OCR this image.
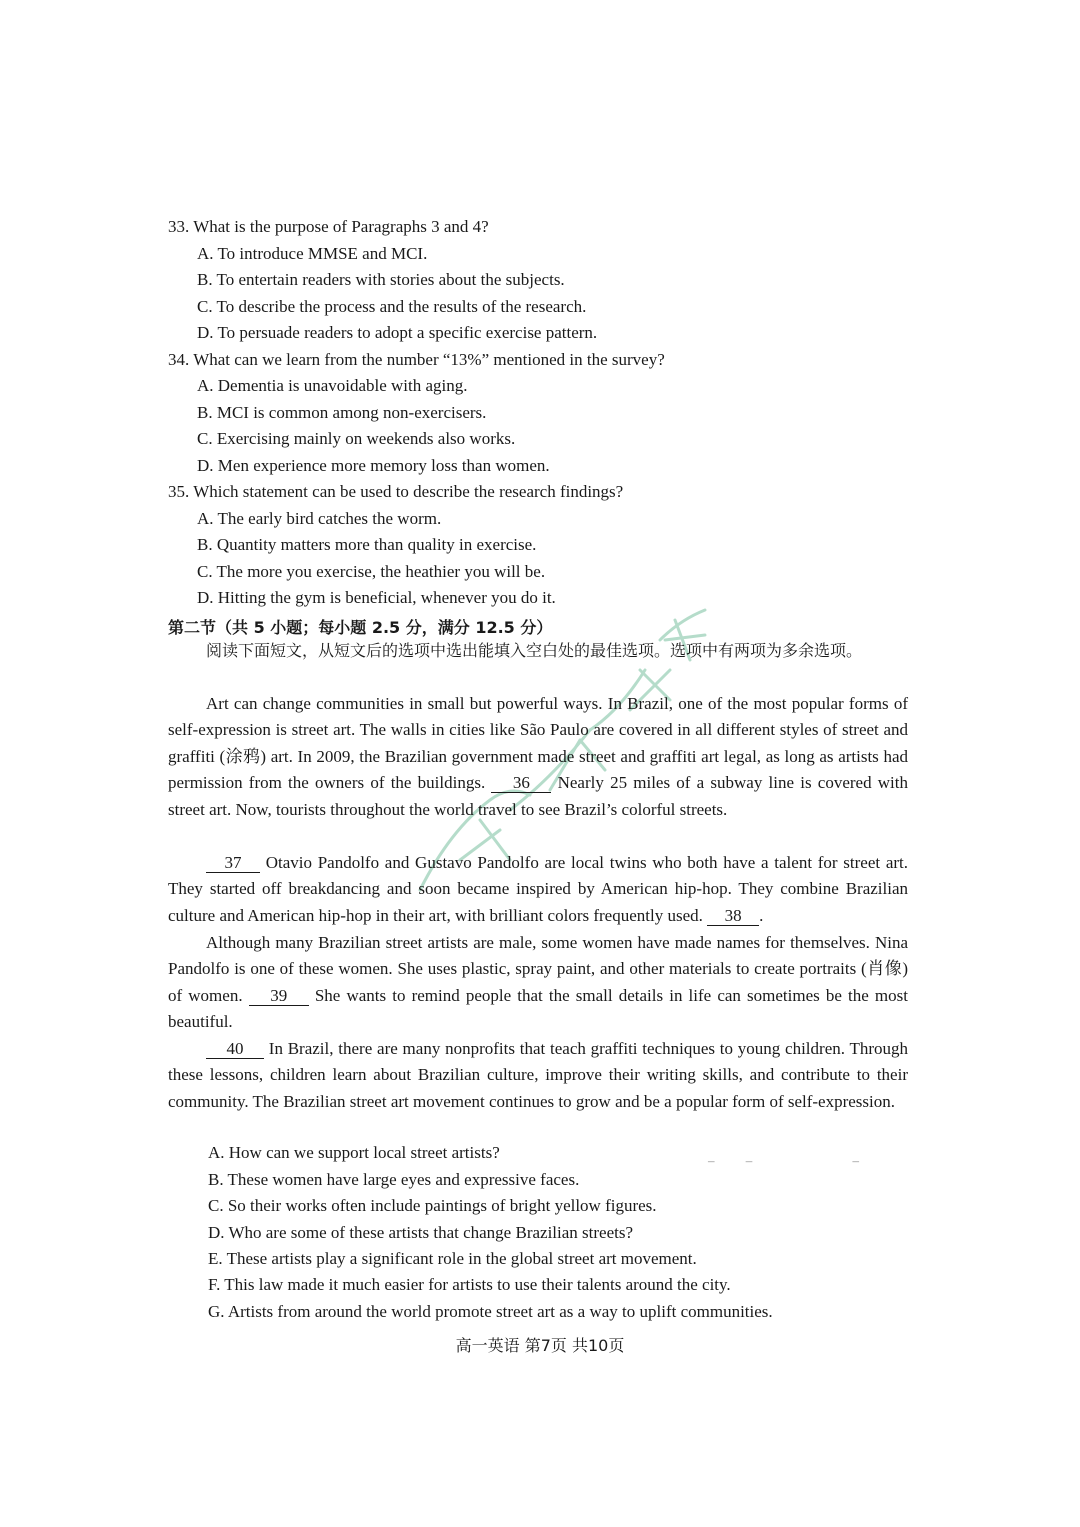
33. What is the purpose of Paragraphs 3 and 4?
A. To introduce MMSE and MCI.
B. To entertain readers with stories about the subjects.
C. To describe the process and the results of the research.
D. To persuade readers to adopt a specific exercise pattern.
34. What can we learn from the number “13%” mentioned in the survey?
A. Dementia is unavoidable with aging.
B. MCI is common among non-exercisers.
C. Exercising mainly on weekends also works.
D. Men experience more memory loss than women.
35. Which statement can be used to describe the research findings?
A. The early bird catches the worm.
B. Quantity matters more than quality in exercise.
C. The more you exercise, the heathier you will be.
D. Hitting the gym is beneficial, whenever you do it.
第二节（共 5 小题；每小题 2.5 分，满分 12.5 分）
阅读下面短文，从短文后的选项中选出能填入空白处的最佳选项。选项中有两项为多余选项。
Art can change communities in small but powerful ways. In Brazil, one of the most popular forms of self-expression is street art. The walls in cities like São Paulo are covered in all different styles of street and graffiti (涂鸦) art. In 2009, the Brazilian government made street and graffiti art legal, as long as artists had permission from the owners of the buildings. 36 Nearly 25 miles of a subway line is covered with street art. Now, tourists throughout the world travel to see Brazil’s colorful streets.
37 Otavio Pandolfo and Gustavo Pandolfo are local twins who both have a talent for street art. They started off breakdancing and soon became inspired by American hip-hop. They combine Brazilian culture and American hip-hop in their art, with brilliant colors frequently used. 38 .
Although many Brazilian street artists are male, some women have made names for themselves. Nina Pandolfo is one of these women. She uses plastic, spray paint, and other materials to create portraits (肖像) of women. 39 She wants to remind people that the small details in life can sometimes be the most beautiful.
40 In Brazil, there are many nonprofits that teach graffiti techniques to young children. Through these lessons, children learn about Brazilian culture, improve their writing skills, and contribute to their community. The Brazilian street art movement continues to grow and be a popular form of self-expression.
A. How can we support local street artists?
B. These women have large eyes and expressive faces.
C. So their works often include paintings of bright yellow figures.
D. Who are some of these artists that change Brazilian streets?
E. These artists play a significant role in the global street art movement.
F. This law made it much easier for artists to use their talents around the city.
G. Artists from around the world promote street art as a way to uplift communities.
– –     –
高一英语 第7页 共10页
